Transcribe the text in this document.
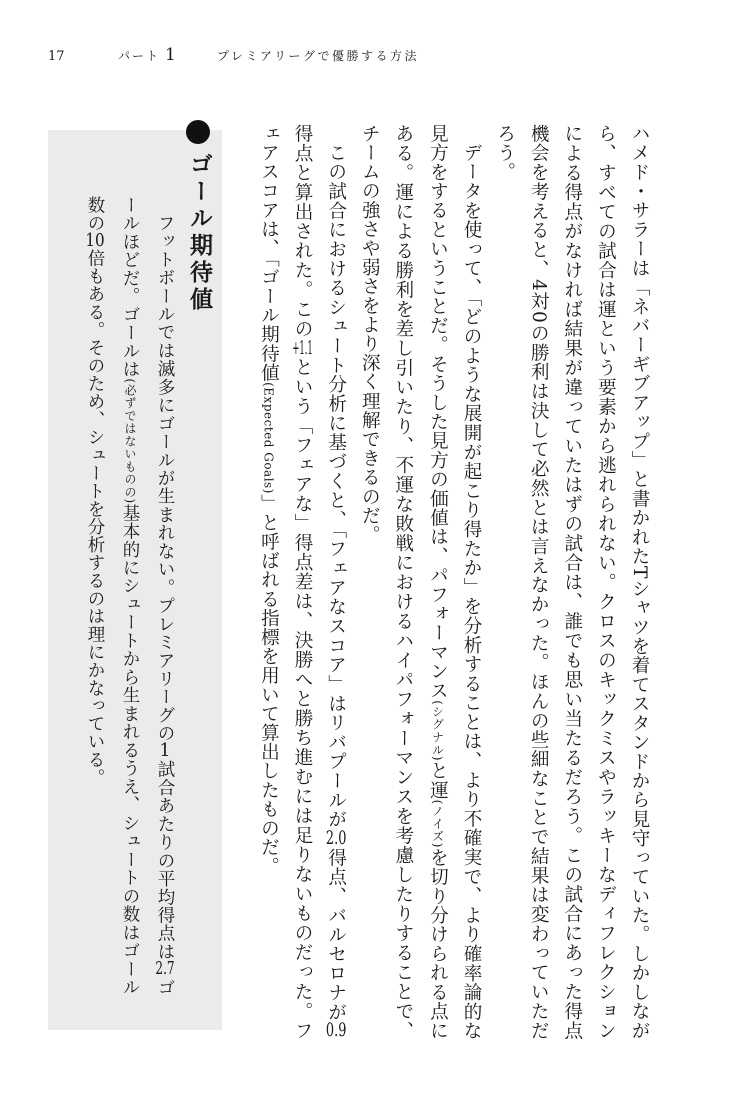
17	パート 1	プレミアリーグで優勝する方法

ハメド・サラーは「ネバーギブアップ」と書かれたTシャツを着てスタンドから見守っていた。しかしながら、すべての試合は運という要素から逃れられない。クロスのキックミスやラッキーなディフレクションによる得点がなければ結果が違っていたはずの試合は、誰でも思い当たるだろう。この試合にあった得点機会を考えると、4対0の勝利は決して必然とは言えなかった。ほんの些細なことで結果は変わっていただろう。

データを使って、「どのような展開が起こり得たか」を分析することは、より不確実で、より確率論的な見方をするということだ。そうした見方の価値は、パフォーマンス(シグナル)と運(ノイズ)を切り分けられる点にある。運による勝利を差し引いたり、不運な敗戦におけるハイパフォーマンスを考慮したりすることで、チームの強さや弱さをより深く理解できるのだ。

この試合におけるシュート分析に基づくと、「フェアなスコア」はリバプールが2.0得点、バルセロナが0.9得点と算出された。この+1.1という「フェアな」得点差は、決勝へと勝ち進むには足りないものだった。フェアスコアは、「ゴール期待値(Expected Goals)」と呼ばれる指標を用いて算出したものだ。

ゴール期待値

フットボールでは滅多にゴールが生まれない。プレミアリーグの1試合あたりの平均得点は2.7ゴールほどだ。ゴールは(必ずではないものの)基本的にシュートから生まれるうえ、シュートの数はゴール数の10倍もある。そのため、シュートを分析するのは理にかなっている。
